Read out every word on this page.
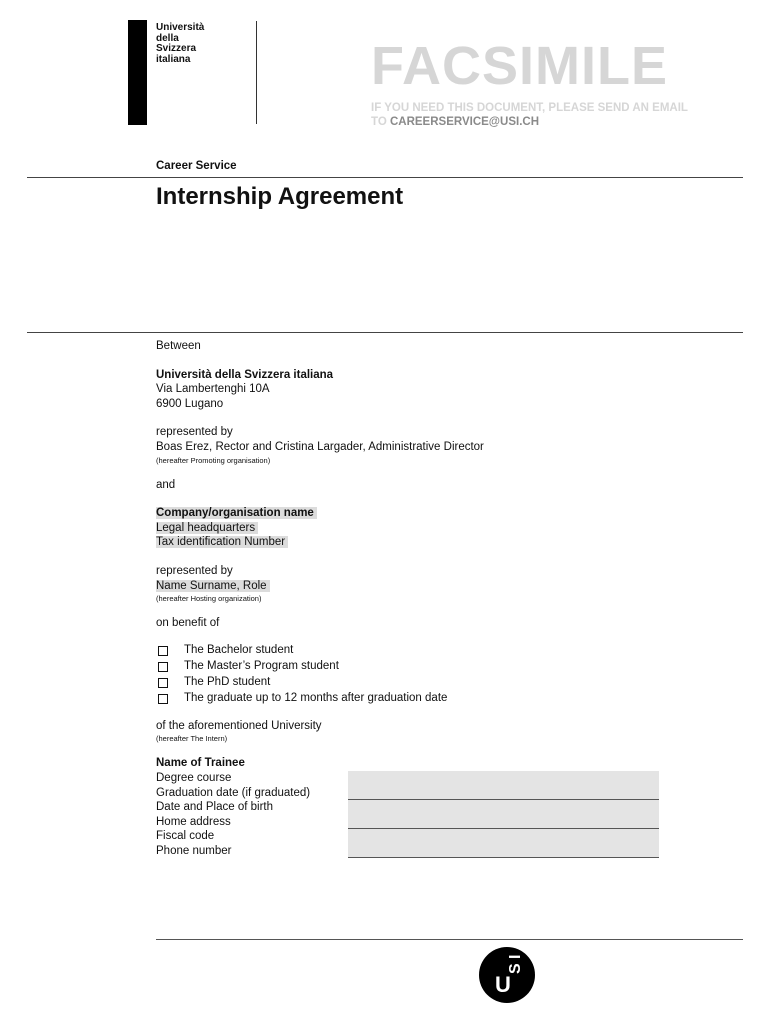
Università
della
Svizzera
italiana	FACSIMILE
IF YOU NEED THIS DOCUMENT, PLEASE SEND AN EMAIL
TO CAREERSERVICE@USI.CH
Career Service
Internship Agreement
Between
Università della Svizzera italiana
Via Lambertenghi 10A
6900 Lugano
represented by
Boas Erez, Rector and Cristina Largader, Administrative Director
(hereafter Promoting organisation)
and
Company/organisation name
Legal headquarters
Tax identification Number
represented by
Name Surname, Role
(hereafter Hosting organization)
on benefit of
The Bachelor student
The Master’s Program student
The PhD student
The graduate up to 12 months after graduation date
of the aforementioned University
(hereafter The Intern)
Name of Trainee
Degree course
Graduation date (if graduated)
Date and Place of birth
Home address
Fiscal code
Phone number
U
S
I
